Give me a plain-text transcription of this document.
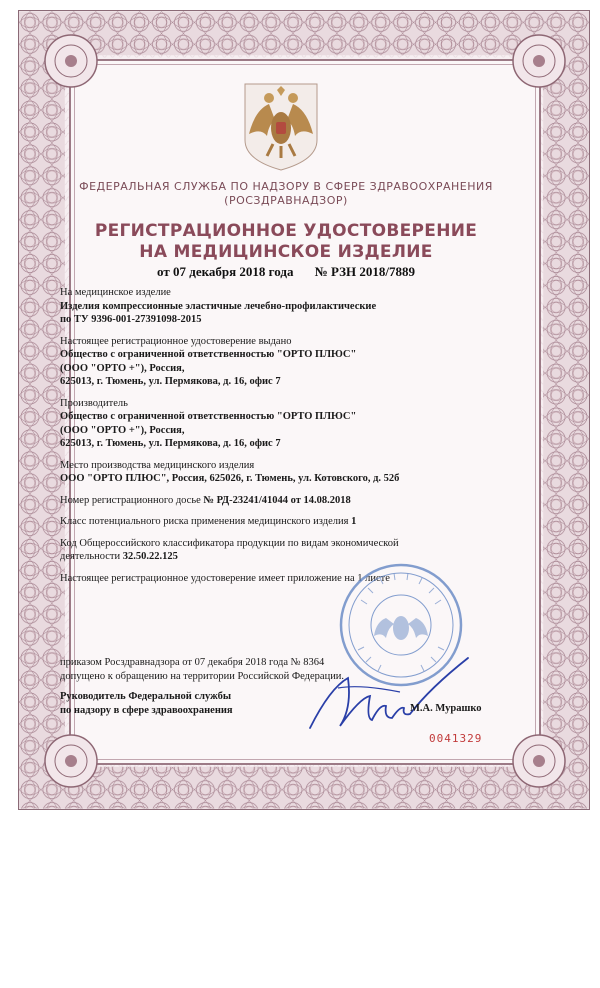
ФЕДЕРАЛЬНАЯ СЛУЖБА ПО НАДЗОРУ В СФЕРЕ ЗДРАВООХРАНЕНИЯ
(РОСЗДРАВНАДЗОР)
РЕГИСТРАЦИОННОЕ УДОСТОВЕРЕНИЕ
НА МЕДИЦИНСКОЕ ИЗДЕЛИЕ
от 07 декабря 2018 года № РЗН 2018/7889

На медицинское изделие
Изделия компрессионные эластичные лечебно-профилактические
по ТУ 9396-001-27391098-2015

Настоящее регистрационное удостоверение выдано
Общество с ограниченной ответственностью "ОРТО ПЛЮС"
(ООО "ОРТО +"), Россия,
625013, г. Тюмень, ул. Пермякова, д. 16, офис 7

Производитель
Общество с ограниченной ответственностью "ОРТО ПЛЮС"
(ООО "ОРТО +"), Россия,
625013, г. Тюмень, ул. Пермякова, д. 16, офис 7

Место производства медицинского изделия
ООО "ОРТО ПЛЮС", Россия, 625026, г. Тюмень, ул. Котовского, д. 52б

Номер регистрационного досье № РД-23241/41044 от 14.08.2018

Класс потенциального риска применения медицинского изделия 1

Код Общероссийского классификатора продукции по видам экономической
деятельности 32.50.22.125

Настоящее регистрационное удостоверение имеет приложение на 1 листе

приказом Росздравнадзора от 07 декабря 2018 года № 8364
допущено к обращению на территории Российской Федерации.
Руководитель Федеральной службы
по надзору в сфере здравоохранения	М.А. Мурашко
0041329
